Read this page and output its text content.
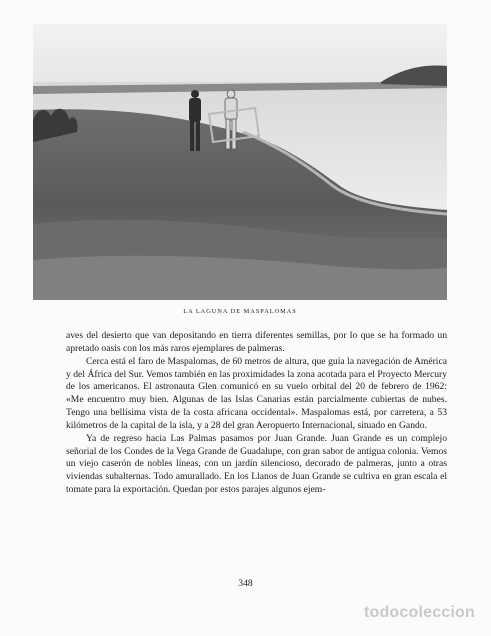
LA LAGUNA DE MASPALOMAS

aves del desierto que van depositando en tierra diferentes semillas, por lo que se ha formado un apretado oasis con los más raros ejemplares de palmeras.

Cerca está el faro de Maspalomas, de 60 metros de altura, que guía la navegación de América y del África del Sur. Vemos también en las proximidades la zona acotada para el Proyecto Mercury de los americanos. El astronauta Glen comunicó en su vuelo orbital del 20 de febrero de 1962: «Me encuentro muy bien. Algunas de las Islas Canarias están parcialmente cubiertas de nubes. Tengo una bellísima vista de la costa africana occidental». Maspalomas está, por carretera, a 53 kilómetros de la capital de la isla, y a 28 del gran Aeropuerto Internacional, situado en Gando.

Ya de regreso hacia Las Palmas pasamos por Juan Grande. Juan Grande es un complejo señorial de los Condes de la Vega Grande de Guadalupe, con gran sabor de antigua colonia. Vemos un viejo caserón de nobles líneas, con un jardín silencioso, decorado de palmeras, junto a otras viviendas subalternas. Todo amurallado. En los Llanos de Juan Grande se cultiva en gran escala el tomate para la exportación. Quedan por estos parajes algunos ejem-

348
todocoleccion
